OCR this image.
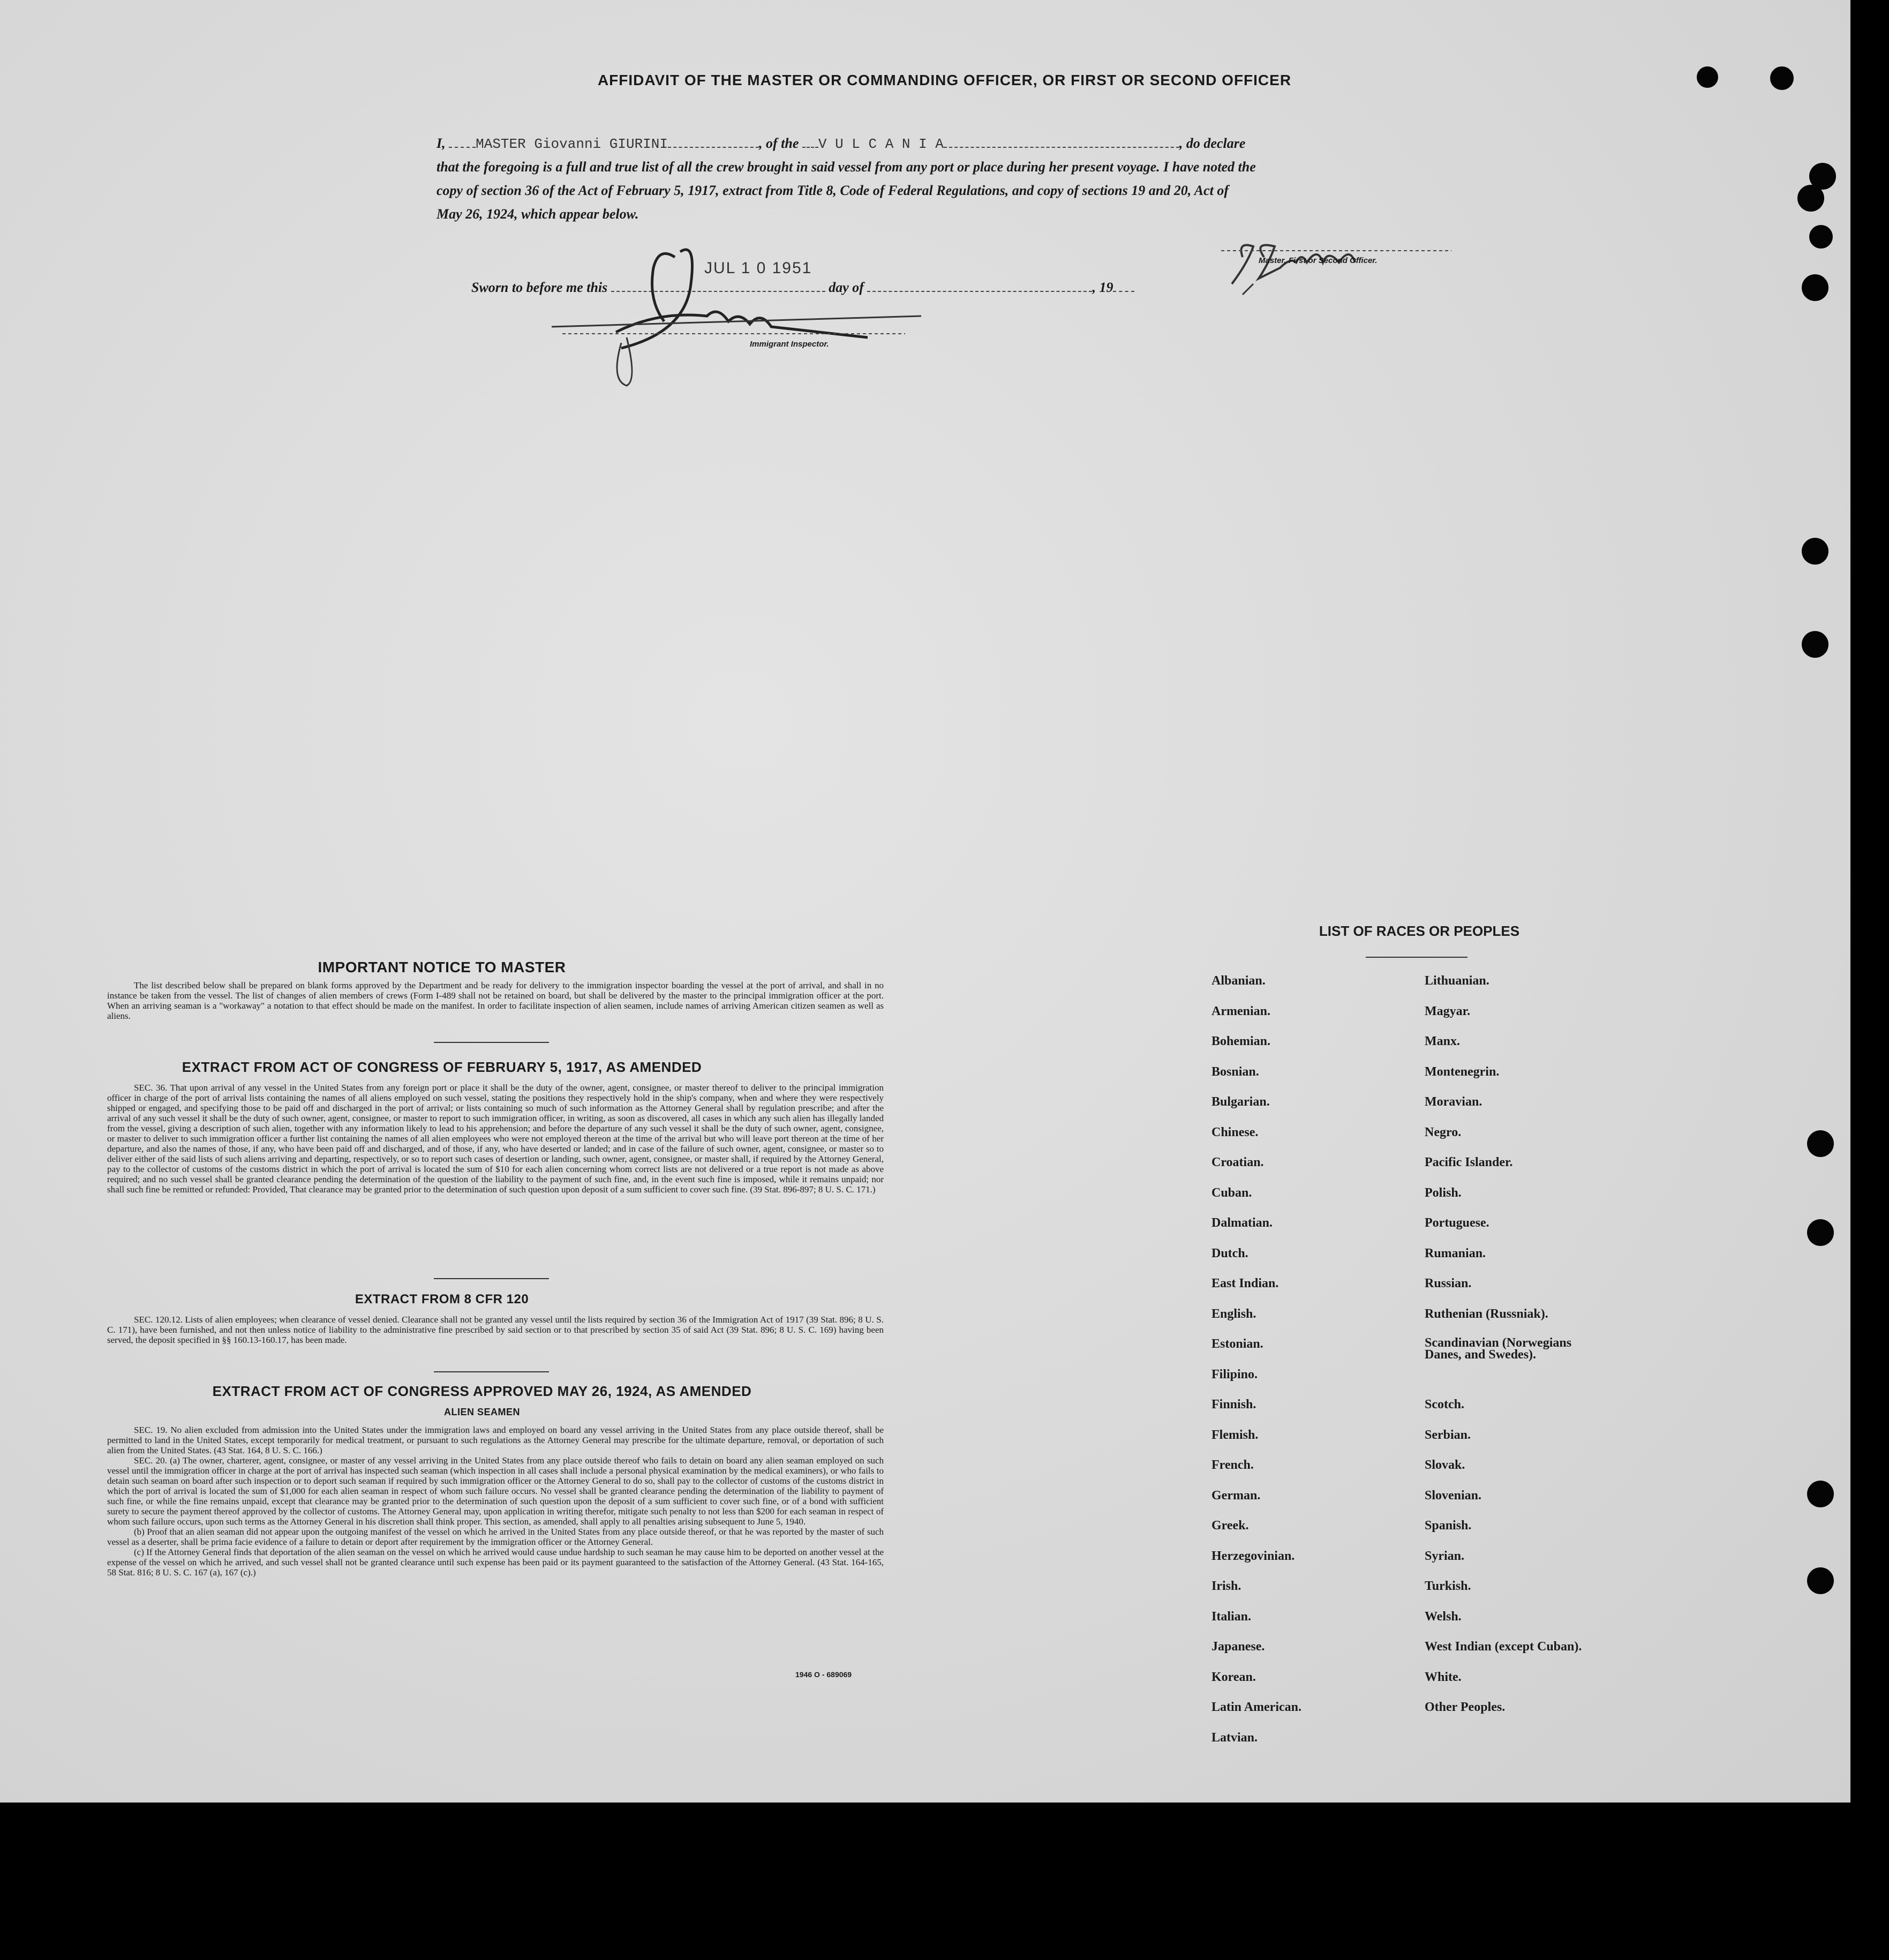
AFFIDAVIT OF THE MASTER OR COMMANDING OFFICER, OR FIRST OR SECOND OFFICER
I, MASTER Giovanni GIURINI	, of the V U L C A N I A	, do declare
that the foregoing is a full and true list of all the crew brought in said vessel from any port or place during her present voyage. I have noted the
copy of section 36 of the Act of February 5, 1917, extract from Title 8, Code of Federal Regulations, and copy of sections 19 and 20, Act of
May 26, 1924, which appear below.
JUL 1 0 1951
Sworn to before me this	day of	, 19
Master, First or Second Officer.
Immigrant Inspector.
IMPORTANT NOTICE TO MASTER

The list described below shall be prepared on blank forms approved by the Department and be ready for delivery to the immigration inspector boarding the vessel at the port of arrival, and shall in no instance be taken from the vessel. The list of changes of alien members of crews (Form I-489 shall not be retained on board, but shall be delivered by the master to the principal immigration officer at the port. When an arriving seaman is a "workaway" a notation to that effect should be made on the manifest. In order to facilitate inspection of alien seamen, include names of arriving American citizen seamen as well as aliens.

EXTRACT FROM ACT OF CONGRESS OF FEBRUARY 5, 1917, AS AMENDED

SEC. 36. That upon arrival of any vessel in the United States from any foreign port or place it shall be the duty of the owner, agent, consignee, or master thereof to deliver to the principal immigration officer in charge of the port of arrival lists containing the names of all aliens employed on such vessel, stating the positions they respectively hold in the ship's company, when and where they were respectively shipped or engaged, and specifying those to be paid off and discharged in the port of arrival; or lists containing so much of such information as the Attorney General shall by regulation prescribe; and after the arrival of any such vessel it shall be the duty of such owner, agent, consignee, or master to report to such immigration officer, in writing, as soon as discovered, all cases in which any such alien has illegally landed from the vessel, giving a description of such alien, together with any information likely to lead to his apprehension; and before the departure of any such vessel it shall be the duty of such owner, agent, consignee, or master to deliver to such immigration officer a further list containing the names of all alien employees who were not employed thereon at the time of the arrival but who will leave port thereon at the time of her departure, and also the names of those, if any, who have been paid off and discharged, and of those, if any, who have deserted or landed; and in case of the failure of such owner, agent, consignee, or master so to deliver either of the said lists of such aliens arriving and departing, respectively, or so to report such cases of desertion or landing, such owner, agent, consignee, or master shall, if required by the Attorney General, pay to the collector of customs of the customs district in which the port of arrival is located the sum of $10 for each alien concerning whom correct lists are not delivered or a true report is not made as above required; and no such vessel shall be granted clearance pending the determination of the question of the liability to the payment of such fine, and, in the event such fine is imposed, while it remains unpaid; nor shall such fine be remitted or refunded: Provided, That clearance may be granted prior to the determination of such question upon deposit of a sum sufficient to cover such fine. (39 Stat. 896-897; 8 U. S. C. 171.)

EXTRACT FROM 8 CFR 120

SEC. 120.12. Lists of alien employees; when clearance of vessel denied. Clearance shall not be granted any vessel until the lists required by section 36 of the Immigration Act of 1917 (39 Stat. 896; 8 U. S. C. 171), have been furnished, and not then unless notice of liability to the administrative fine prescribed by said section or to that prescribed by section 35 of said Act (39 Stat. 896; 8 U. S. C. 169) having been served, the deposit specified in §§ 160.13-160.17, has been made.

EXTRACT FROM ACT OF CONGRESS APPROVED MAY 26, 1924, AS AMENDED
ALIEN SEAMEN

SEC. 19. No alien excluded from admission into the United States under the immigration laws and employed on board any vessel arriving in the United States from any place outside thereof, shall be permitted to land in the United States, except temporarily for medical treatment, or pursuant to such regulations as the Attorney General may prescribe for the ultimate departure, removal, or deportation of such alien from the United States. (43 Stat. 164, 8 U. S. C. 166.)

SEC. 20. (a) The owner, charterer, agent, consignee, or master of any vessel arriving in the United States from any place outside thereof who fails to detain on board any alien seaman employed on such vessel until the immigration officer in charge at the port of arrival has inspected such seaman (which inspection in all cases shall include a personal physical examination by the medical examiners), or who fails to detain such seaman on board after such inspection or to deport such seaman if required by such immigration officer or the Attorney General to do so, shall pay to the collector of customs of the customs district in which the port of arrival is located the sum of $1,000 for each alien seaman in respect of whom such failure occurs. No vessel shall be granted clearance pending the determination of the liability to payment of such fine, or while the fine remains unpaid, except that clearance may be granted prior to the determination of such question upon the deposit of a sum sufficient to cover such fine, or of a bond with sufficient surety to secure the payment thereof approved by the collector of customs. The Attorney General may, upon application in writing therefor, mitigate such penalty to not less than $200 for each seaman in respect of whom such failure occurs, upon such terms as the Attorney General in his discretion shall think proper. This section, as amended, shall apply to all penalties arising subsequent to June 5, 1940.

(b) Proof that an alien seaman did not appear upon the outgoing manifest of the vessel on which he arrived in the United States from any place outside thereof, or that he was reported by the master of such vessel as a deserter, shall be prima facie evidence of a failure to detain or deport after requirement by the immigration officer or the Attorney General.

(c) If the Attorney General finds that deportation of the alien seaman on the vessel on which he arrived would cause undue hardship to such seaman he may cause him to be deported on another vessel at the expense of the vessel on which he arrived, and such vessel shall not be granted clearance until such expense has been paid or its payment guaranteed to the satisfaction of the Attorney General. (43 Stat. 164-165, 58 Stat. 816; 8 U. S. C. 167 (a), 167 (c).)

1946 O - 689069
LIST OF RACES OR PEOPLES
Albanian.
Armenian.
Bohemian.
Bosnian.
Bulgarian.
Chinese.
Croatian.
Cuban.
Dalmatian.
Dutch.
East Indian.
English.
Estonian.
Filipino.
Finnish.
Flemish.
French.
German.
Greek.
Herzegovinian.
Irish.
Italian.
Japanese.
Korean.
Latin American.
Latvian.
Lithuanian.
Magyar.
Manx.
Montenegrin.
Moravian.
Negro.
Pacific Islander.
Polish.
Portuguese.
Rumanian.
Russian.
Ruthenian (Russniak).
Scandinavian (Norwegians Danes, and Swedes).
Scotch.
Serbian.
Slovak.
Slovenian.
Spanish.
Syrian.
Turkish.
Welsh.
West Indian (except Cuban).
White.
Other Peoples.
